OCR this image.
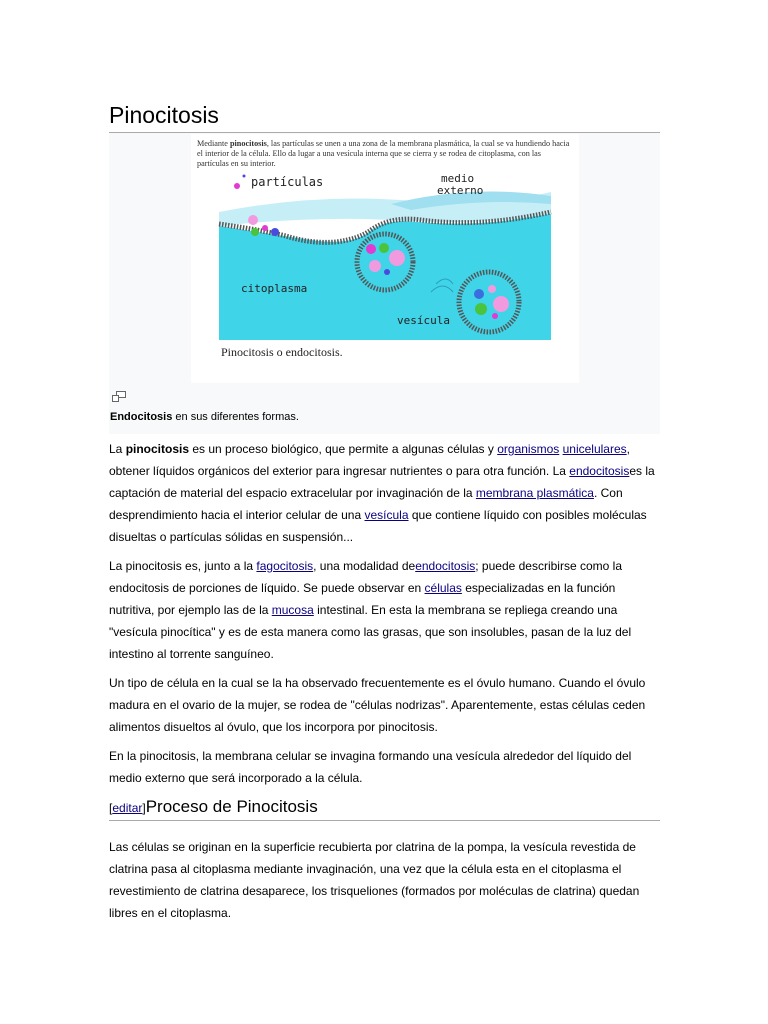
Pinocitosis
Mediante pinocitosis, las partículas se unen a una zona de la membrana plasmática, la cual se va hundiendo hacia el interior de la célula. Ello da lugar a una vesícula interna que se cierra y se rodea de citoplasma, con las partículas en su interior.
partículas	medio
externo
citoplasma
vesícula
Pinocitosis o endocitosis.
Endocitosis en sus diferentes formas.

La pinocitosis es un proceso biológico, que permite a algunas células y organismos unicelulares, obtener líquidos orgánicos del exterior para ingresar nutrientes o para otra función. La endocitosises la captación de material del espacio extracelular por invaginación de la membrana plasmática. Con desprendimiento hacia el interior celular de una vesícula que contiene líquido con posibles moléculas disueltas o partículas sólidas en suspensión...

La pinocitosis es, junto a la fagocitosis, una modalidad deendocitosis; puede describirse como la endocitosis de porciones de líquido. Se puede observar en células especializadas en la función nutritiva, por ejemplo las de la mucosa intestinal. En esta la membrana se repliega creando una "vesícula pinocítica" y es de esta manera como las grasas, que son insolubles, pasan de la luz del intestino al torrente sanguíneo.

Un tipo de célula en la cual se la ha observado frecuentemente es el óvulo humano. Cuando el óvulo madura en el ovario de la mujer, se rodea de "células nodrizas". Aparentemente, estas células ceden alimentos disueltos al óvulo, que los incorpora por pinocitosis.

En la pinocitosis, la membrana celular se invagina formando una vesícula alrededor del líquido del medio externo que será incorporado a la célula.

[editar]Proceso de Pinocitosis

Las células se originan en la superficie recubierta por clatrina de la pompa, la vesícula revestida de clatrina pasa al citoplasma mediante invaginación, una vez que la célula esta en el citoplasma el revestimiento de clatrina desaparece, los trisqueliones (formados por moléculas de clatrina) quedan libres en el citoplasma.
